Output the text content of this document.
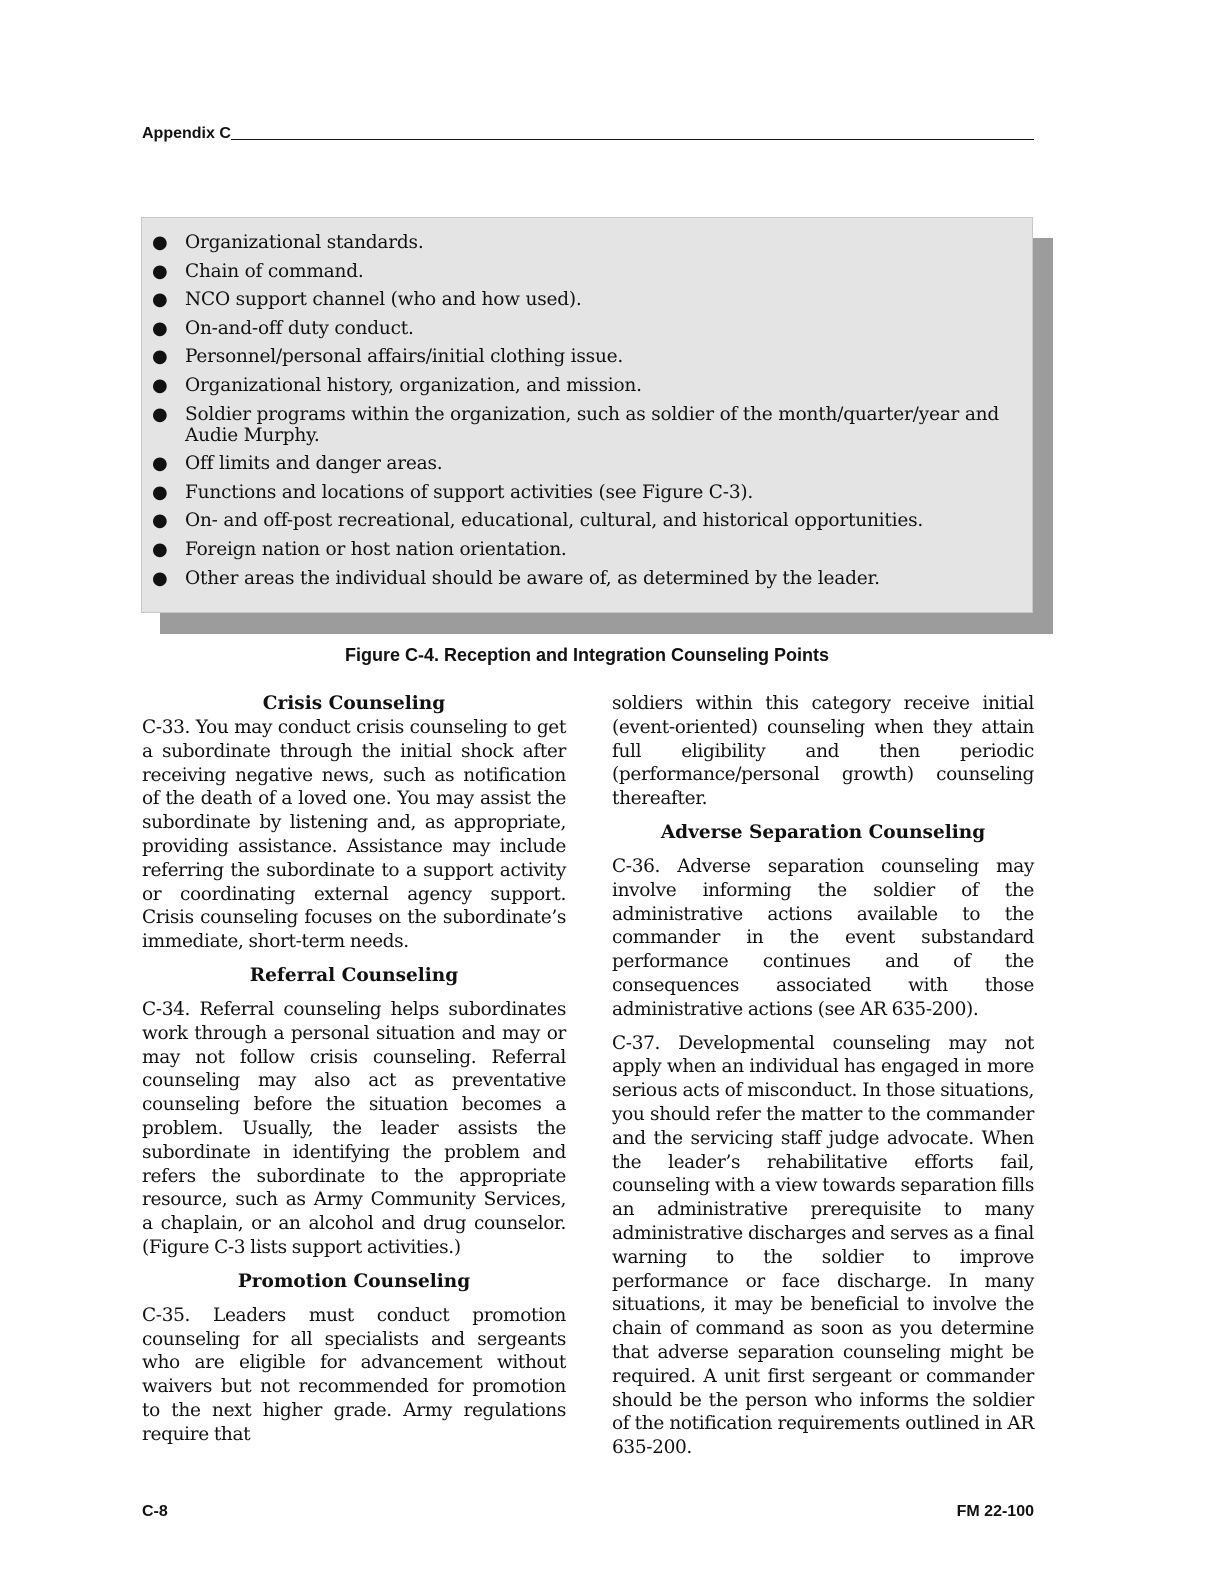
Appendix C
● Organizational standards.
● Chain of command.
● NCO support channel (who and how used).
● On-and-off duty conduct.
● Personnel/personal affairs/initial clothing issue.
● Organizational history, organization, and mission.
● Soldier programs within the organization, such as soldier of the month/quarter/year and Audie Murphy.
● Off limits and danger areas.
● Functions and locations of support activities (see Figure C-3).
● On- and off-post recreational, educational, cultural, and historical opportunities.
● Foreign nation or host nation orientation.
● Other areas the individual should be aware of, as determined by the leader.
Figure C-4. Reception and Integration Counseling Points
Crisis Counseling

C-33. You may conduct crisis counseling to get a subordinate through the initial shock after receiving negative news, such as notification of the death of a loved one. You may assist the subordinate by listening and, as appropriate, providing assistance. Assistance may include referring the subordinate to a support activity or coordinating external agency support. Crisis counseling focuses on the subordinate’s immediate, short-term needs.

Referral Counseling

C-34. Referral counseling helps subordinates work through a personal situation and may or may not follow crisis counseling. Referral counseling may also act as preventative counseling before the situation becomes a problem. Usually, the leader assists the subordinate in identifying the problem and refers the subordinate to the appropriate resource, such as Army Community Services, a chaplain, or an alcohol and drug counselor. (Figure C-3 lists support activities.)

Promotion Counseling

C-35. Leaders must conduct promotion counseling for all specialists and sergeants who are eligible for advancement without waivers but not recommended for promotion to the next higher grade. Army regulations require that

soldiers within this category receive initial (event-oriented) counseling when they attain full eligibility and then periodic (performance/personal growth) counseling thereafter.

Adverse Separation Counseling

C-36. Adverse separation counseling may involve informing the soldier of the administrative actions available to the commander in the event substandard performance continues and of the consequences associated with those administrative actions (see AR 635-200).

C-37. Developmental counseling may not apply when an individual has engaged in more serious acts of misconduct. In those situations, you should refer the matter to the commander and the servicing staff judge advocate. When the leader’s rehabilitative efforts fail, counseling with a view towards separation fills an administrative prerequisite to many administrative discharges and serves as a final warning to the soldier to improve performance or face discharge. In many situations, it may be beneficial to involve the chain of command as soon as you determine that adverse separation counseling might be required. A unit first sergeant or commander should be the person who informs the soldier of the notification requirements outlined in AR 635-200.

C-8	FM 22-100
